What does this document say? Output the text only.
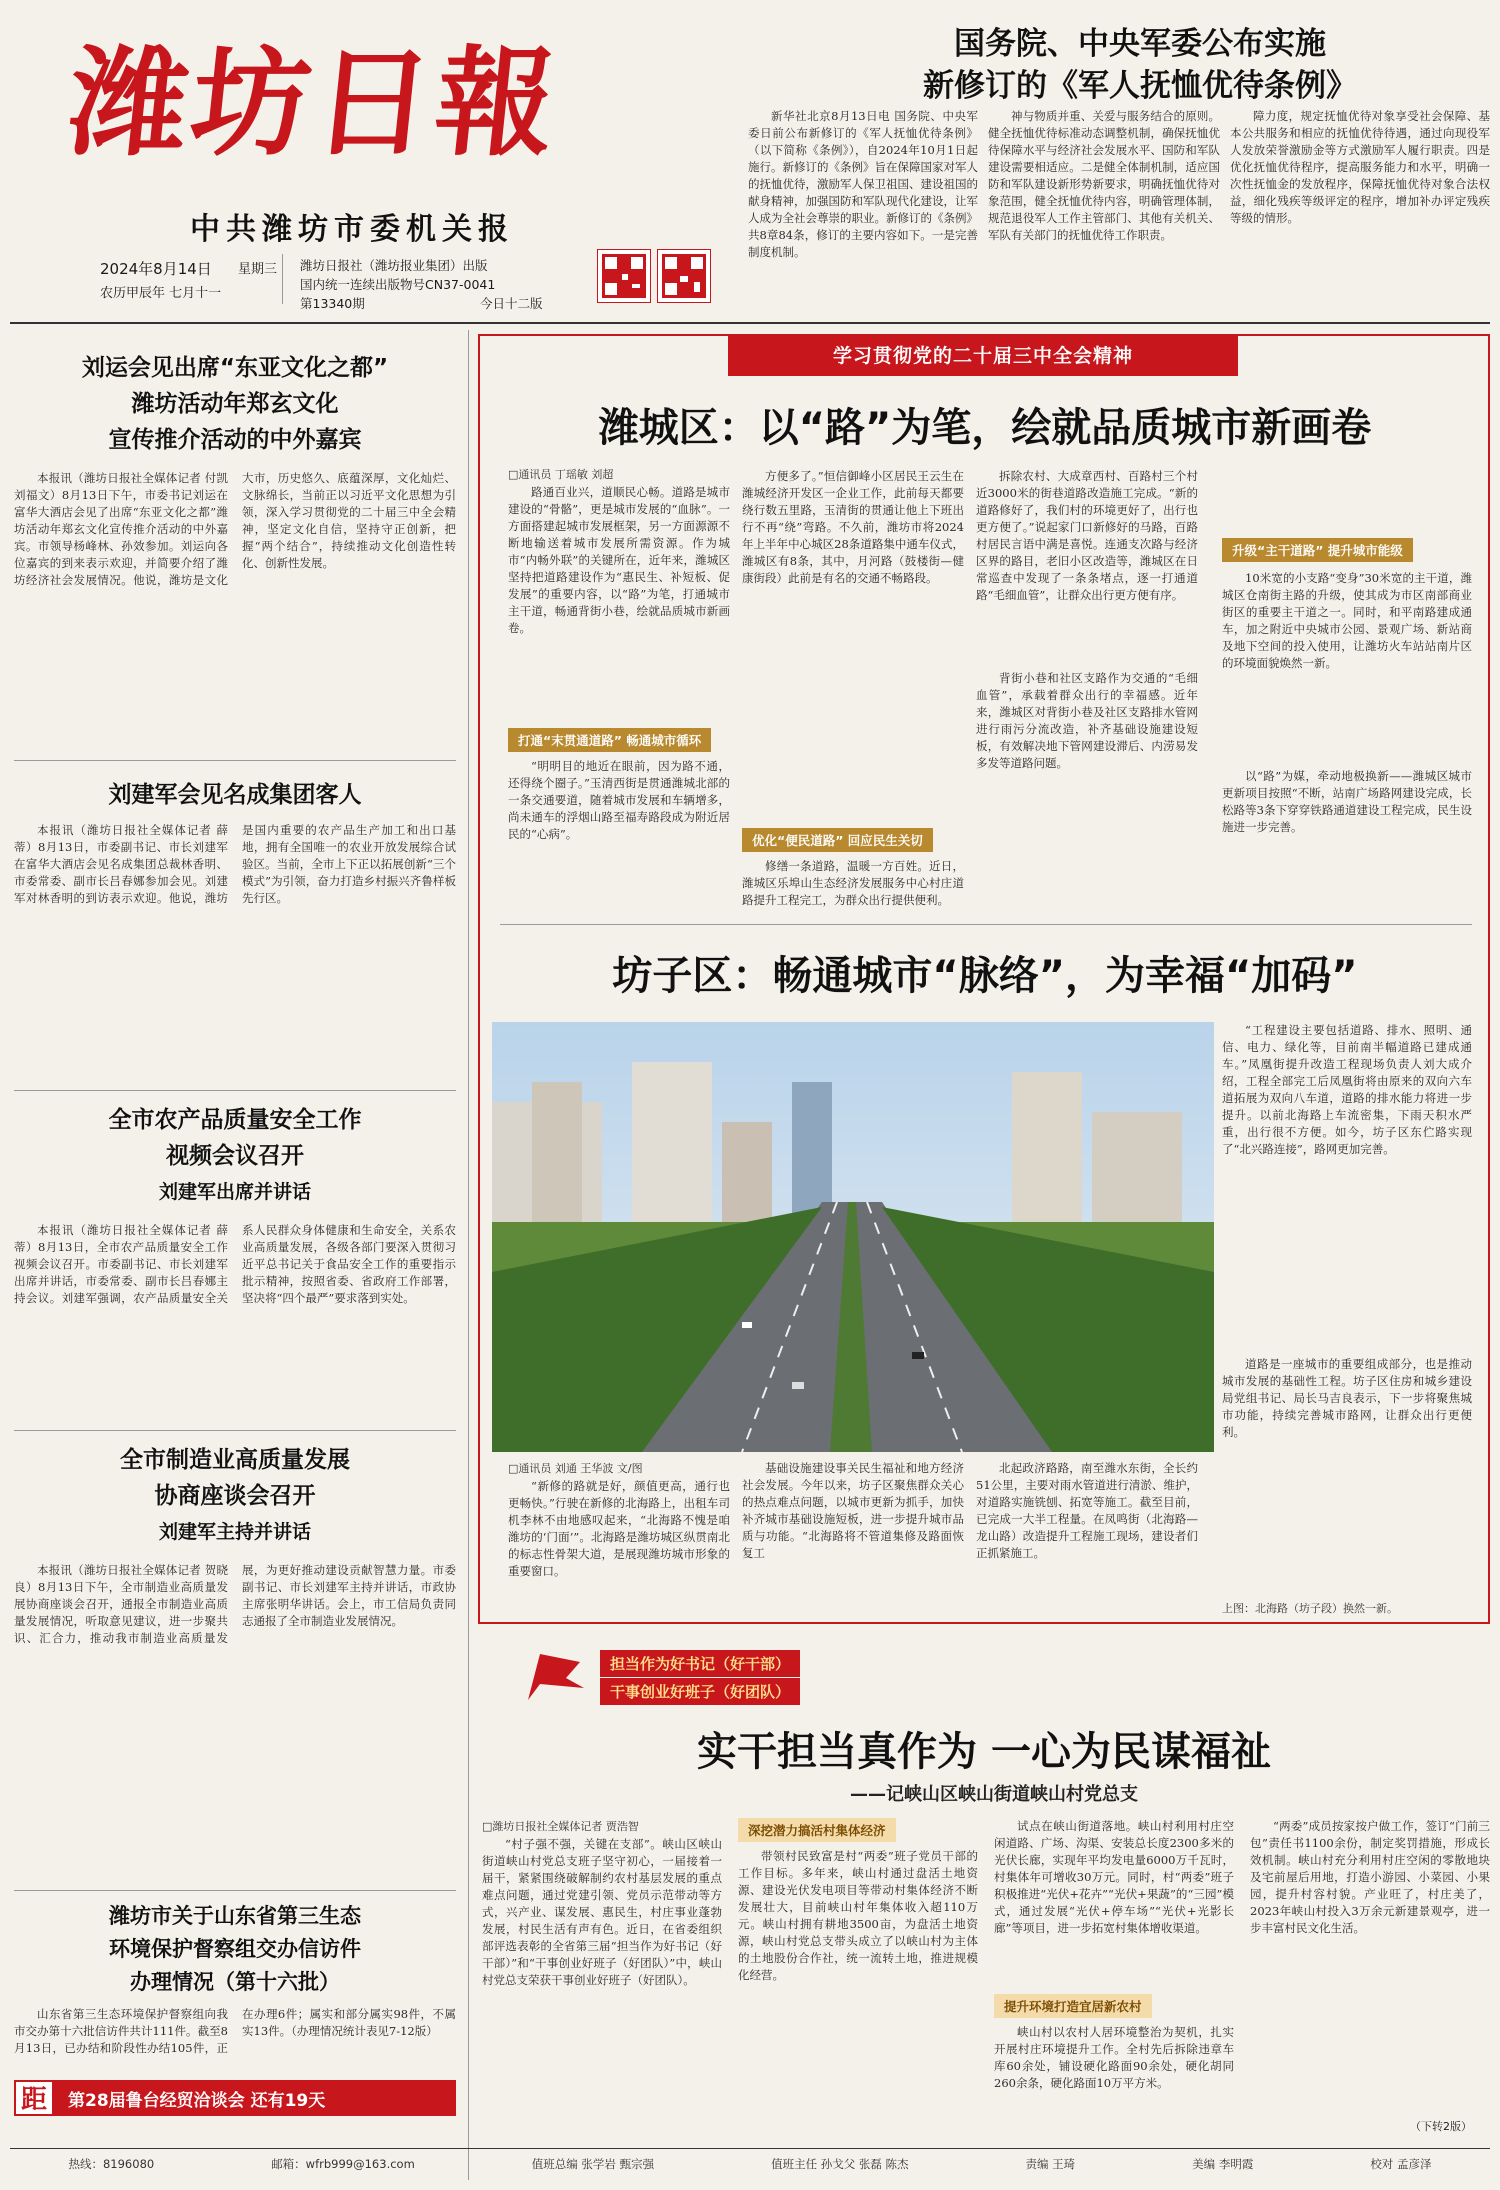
潍坊日報
中共潍坊市委机关报
2024年8月14日 星期三
农历甲辰年 七月十一
潍坊日报社（潍坊报业集团）出版
国内统一连续出版物号CN37-0041
第13340期	今日十二版
国务院、中央军委公布实施
新修订的《军人抚恤优待条例》

新华社北京8月13日电 国务院、中央军委日前公布新修订的《军人抚恤优待条例》（以下简称《条例》），自2024年10月1日起施行。新修订的《条例》旨在保障国家对军人的抚恤优待，激励军人保卫祖国、建设祖国的献身精神，加强国防和军队现代化建设，让军人成为全社会尊崇的职业。新修订的《条例》共8章84条，修订的主要内容如下。一是完善制度机制。

神与物质并重、关爱与服务结合的原则。健全抚恤优待标准动态调整机制，确保抚恤优待保障水平与经济社会发展水平、国防和军队建设需要相适应。二是健全体制机制，适应国防和军队建设新形势新要求，明确抚恤优待对象范围，健全抚恤优待内容，明确管理体制，规范退役军人工作主管部门、其他有关机关、军队有关部门的抚恤优待工作职责。

障力度，规定抚恤优待对象享受社会保障、基本公共服务和相应的抚恤优待待遇，通过向现役军人发放荣誉激励金等方式激励军人履行职责。四是优化抚恤优待程序，提高服务能力和水平，明确一次性抚恤金的发放程序，保障抚恤优待对象合法权益，细化残疾等级评定的程序，增加补办评定残疾等级的情形。

刘运会见出席“东亚文化之都”
潍坊活动年郑玄文化
宣传推介活动的中外嘉宾

本报讯（潍坊日报社全媒体记者 付凯 刘福文）8月13日下午，市委书记刘运在富华大酒店会见了出席“东亚文化之都”潍坊活动年郑玄文化宣传推介活动的中外嘉宾。市领导杨峰林、孙效参加。刘运向各位嘉宾的到来表示欢迎，并简要介绍了潍坊经济社会发展情况。他说，潍坊是文化大市，历史悠久、底蕴深厚，文化灿烂、文脉绵长，当前正以习近平文化思想为引领，深入学习贯彻党的二十届三中全会精神，坚定文化自信，坚持守正创新，把握“两个结合”，持续推动文化创造性转化、创新性发展。

刘建军会见名成集团客人

本报讯（潍坊日报社全媒体记者 薛蒂）8月13日，市委副书记、市长刘建军在富华大酒店会见名成集团总裁林香明、市委常委、副市长吕春娜参加会见。刘建军对林香明的到访表示欢迎。他说，潍坊是国内重要的农产品生产加工和出口基地，拥有全国唯一的农业开放发展综合试验区。当前，全市上下正以拓展创新“三个模式”为引领，奋力打造乡村振兴齐鲁样板先行区。

全市农产品质量安全工作
视频会议召开
刘建军出席并讲话

本报讯（潍坊日报社全媒体记者 薛蒂）8月13日，全市农产品质量安全工作视频会议召开。市委副书记、市长刘建军出席并讲话，市委常委、副市长吕春娜主持会议。刘建军强调，农产品质量安全关系人民群众身体健康和生命安全，关系农业高质量发展，各级各部门要深入贯彻习近平总书记关于食品安全工作的重要指示批示精神，按照省委、省政府工作部署，坚决将“四个最严”要求落到实处。

全市制造业高质量发展
协商座谈会召开
刘建军主持并讲话

本报讯（潍坊日报社全媒体记者 贺晓良）8月13日下午，全市制造业高质量发展协商座谈会召开，通报全市制造业高质量发展情况，听取意见建议，进一步聚共识、汇合力，推动我市制造业高质量发展，为更好推动建设贡献智慧力量。市委副书记、市长刘建军主持并讲话，市政协主席张明华讲话。会上，市工信局负责同志通报了全市制造业发展情况。

潍坊市关于山东省第三生态
环境保护督察组交办信访件
办理情况（第十六批）

山东省第三生态环境保护督察组向我市交办第十六批信访件共计111件。截至8月13日，已办结和阶段性办结105件，正在办理6件；属实和部分属实98件，不属实13件。（办理情况统计表见7-12版）

距	第28届鲁台经贸洽谈会 还有19天
学习贯彻党的二十届三中全会精神
潍城区：以“路”为笔，绘就品质城市新画卷
□通讯员 丁瑶敏 刘超

路通百业兴，道顺民心畅。道路是城市建设的“骨骼”，更是城市发展的“血脉”。一方面搭建起城市发展框架，另一方面源源不断地输送着城市发展所需资源。作为城市“内畅外联”的关键所在，近年来，潍城区坚持把道路建设作为“惠民生、补短板、促发展”的重要内容，以“路”为笔，打通城市主干道，畅通背街小巷，绘就品质城市新画卷。

打通“末贯通道路” 畅通城市循环

“明明目的地近在眼前，因为路不通，还得绕个圈子。”玉清西街是贯通潍城北部的一条交通要道，随着城市发展和车辆增多，尚未通车的浮烟山路至福寿路段成为附近居民的“心病”。

方便多了。”恒信御峰小区居民王云生在潍城经济开发区一企业工作，此前每天都要绕行数五里路，玉清街的贯通让他上下班出行不再“绕”弯路。不久前，潍坊市将2024年上半年中心城区28条道路集中通车仪式，潍城区有8条，其中，月河路（鼓楼街—健康街段）此前是有名的交通不畅路段。

优化“便民道路” 回应民生关切

修缮一条道路，温暖一方百姓。近日，潍城区乐埠山生态经济发展服务中心村庄道路提升工程完工，为群众出行提供便利。

拆除农村、大成章西村、百路村三个村近3000米的街巷道路改造施工完成。“新的道路修好了，我们村的环境更好了，出行也更方便了。”说起家门口新修好的马路，百路村居民言语中满是喜悦。连通支次路与经济区界的路目，老旧小区改造等，潍城区在日常巡查中发现了一条条堵点，逐一打通道路“毛细血管”，让群众出行更方便有序。

背街小巷和社区支路作为交通的“毛细血管”，承载着群众出行的幸福感。近年来，潍城区对背街小巷及社区支路排水管网进行雨污分流改造，补齐基础设施建设短板，有效解决地下管网建设滞后、内涝易发多发等道路问题。

升级“主干道路” 提升城市能级

10米宽的小支路“变身”30米宽的主干道，潍城区仓南街主路的升级，使其成为市区南部商业街区的重要主干道之一。同时，和平南路建成通车，加之附近中央城市公园、景观广场、新站商及地下空间的投入使用，让潍坊火车站站南片区的环境面貌焕然一新。

以“路”为媒，牵动地极换新——潍城区城市更新项目按照“不断，站南广场路网建设完成，长松路等3条下穿穿铁路通道建设工程完成，民生设施进一步完善。

坊子区：畅通城市“脉络”，为幸福“加码”

“工程建设主要包括道路、排水、照明、通信、电力、绿化等，目前南半幅道路已建成通车。”凤凰街提升改造工程现场负责人刘大成介绍，工程全部完工后凤凰街将由原来的双向六车道拓展为双向八车道，道路的排水能力将进一步提升。以前北海路上车流密集，下雨天积水严重，出行很不方便。如今，坊子区东伫路实现了“北兴路连接”，路网更加完善。

道路是一座城市的重要组成部分，也是推动城市发展的基础性工程。坊子区住房和城乡建设局党组书记、局长马吉良表示，下一步将聚焦城市功能，持续完善城市路网，让群众出行更便利。

上图：北海路（坊子段）换然一新。
□通讯员 刘通 王华波 文/图

“新修的路就是好，颜值更高，通行也更畅快。”行驶在新修的北海路上，出租车司机李林不由地感叹起来，“北海路不愧是咱潍坊的‘门面’”。北海路是潍坊城区纵贯南北的标志性骨架大道，是展现潍坊城市形象的重要窗口。

基础设施建设事关民生福祉和地方经济社会发展。今年以来，坊子区聚焦群众关心的热点难点问题，以城市更新为抓手，加快补齐城市基础设施短板，进一步提升城市品质与功能。“北海路将不管道集修及路面恢复工

北起政济路路，南至潍水东街，全长约51公里，主要对雨水管道进行清淤、维护，对道路实施铣刨、拓宽等施工。截至目前，已完成一大半工程量。在凤鸣街（北海路—龙山路）改造提升工程施工现场，建设者们正抓紧施工。

担当作为好书记（好干部）
干事创业好班子（好团队）
实干担当真作为 一心为民谋福祉
——记峡山区峡山街道峡山村党总支
□潍坊日报社全媒体记者 贾浩智

“村子强不强，关键在支部”。峡山区峡山街道峡山村党总支班子坚守初心，一届接着一届干，紧紧围绕破解制约农村基层发展的重点难点问题，通过党建引领、党员示范带动等方式，兴产业、谋发展、惠民生，村庄事业蓬勃发展，村民生活有声有色。近日，在省委组织部评选表彰的全省第三届“担当作为好书记（好干部）”和“干事创业好班子（好团队）”中，峡山村党总支荣获干事创业好班子（好团队）。

深挖潜力搞活村集体经济

带领村民致富是村“两委”班子党员干部的工作目标。多年来，峡山村通过盘活土地资源、建设光伏发电项目等带动村集体经济不断发展壮大，目前峡山村年集体收入超110万元。峡山村拥有耕地3500亩，为盘活土地资源，峡山村党总支带头成立了以峡山村为主体的土地股份合作社，统一流转土地，推进规模化经营。

试点在峡山街道落地。峡山村利用村庄空闲道路、广场、沟渠、安装总长度2300多米的光伏长廊，实现年平均发电量6000万千瓦时，村集体年可增收30万元。同时，村“两委”班子积极推进“光伏+花卉”“光伏+果蔬”的“三园”模式，通过发展“光伏+停车场”“光伏+光影长廊”等项目，进一步拓宽村集体增收渠道。

提升环境打造宜居新农村

峡山村以农村人居环境整治为契机，扎实开展村庄环境提升工作。全村先后拆除违章车库60余处，铺设硬化路面90余处，硬化胡同260余条，硬化路面10万平方米。

“两委”成员按家按户做工作，签订“门前三包”责任书1100余份，制定奖罚措施，形成长效机制。峡山村充分利用村庄空闲的零散地块及宅前屋后用地，打造小游园、小菜园、小果园，提升村容村貌。产业旺了，村庄美了，2023年峡山村投入3万余元新建景观亭，进一步丰富村民文化生活。

（下转2版）
热线：8196080	邮箱：wfrb999@163.com	值班总编 张学岩 甄宗强	值班主任 孙戈父 张磊 陈杰	责编 王琦	美编 李明霞	校对 孟彦泽
